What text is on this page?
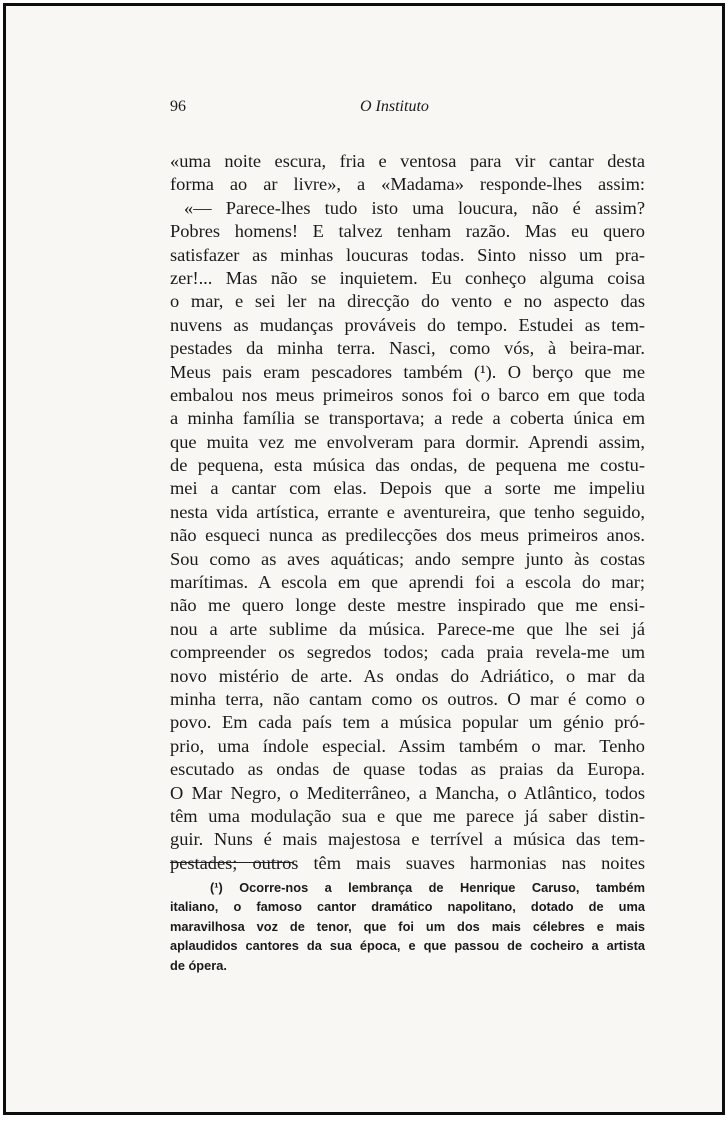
96	O Instituto
«uma noite escura, fria e ventosa para vir cantar desta
forma ao ar livre», a «Madama» responde-lhes assim:
«— Parece-lhes tudo isto uma loucura, não é assim?
Pobres homens! E talvez tenham razão. Mas eu quero
satisfazer as minhas loucuras todas. Sinto nisso um pra-
zer!... Mas não se inquietem. Eu conheço alguma coisa
o mar, e sei ler na direcção do vento e no aspecto das
nuvens as mudanças prováveis do tempo. Estudei as tem-
pestades da minha terra. Nasci, como vós, à beira-mar.
Meus pais eram pescadores também (¹). O berço que me
embalou nos meus primeiros sonos foi o barco em que toda
a minha família se transportava; a rede a coberta única em
que muita vez me envolveram para dormir. Aprendi assim,
de pequena, esta música das ondas, de pequena me costu-
mei a cantar com elas. Depois que a sorte me impeliu
nesta vida artística, errante e aventureira, que tenho seguido,
não esqueci nunca as predilecções dos meus primeiros anos.
Sou como as aves aquáticas; ando sempre junto às costas
marítimas. A escola em que aprendi foi a escola do mar;
não me quero longe deste mestre inspirado que me ensi-
nou a arte sublime da música. Parece-me que lhe sei já
compreender os segredos todos; cada praia revela-me um
novo mistério de arte. As ondas do Adriático, o mar da
minha terra, não cantam como os outros. O mar é como o
povo. Em cada país tem a música popular um génio pró-
prio, uma índole especial. Assim também o mar. Tenho
escutado as ondas de quase todas as praias da Europa.
O Mar Negro, o Mediterrâneo, a Mancha, o Atlântico, todos
têm uma modulação sua e que me parece já saber distin-
guir. Nuns é mais majestosa e terrível a música das tem-
pestades; outros têm mais suaves harmonias nas noites
(¹) Ocorre-nos a lembrança de Henrique Caruso, também
italiano, o famoso cantor dramático napolitano, dotado de uma
maravilhosa voz de tenor, que foi um dos mais célebres e mais
aplaudidos cantores da sua época, e que passou de cocheiro a artista
de ópera.
